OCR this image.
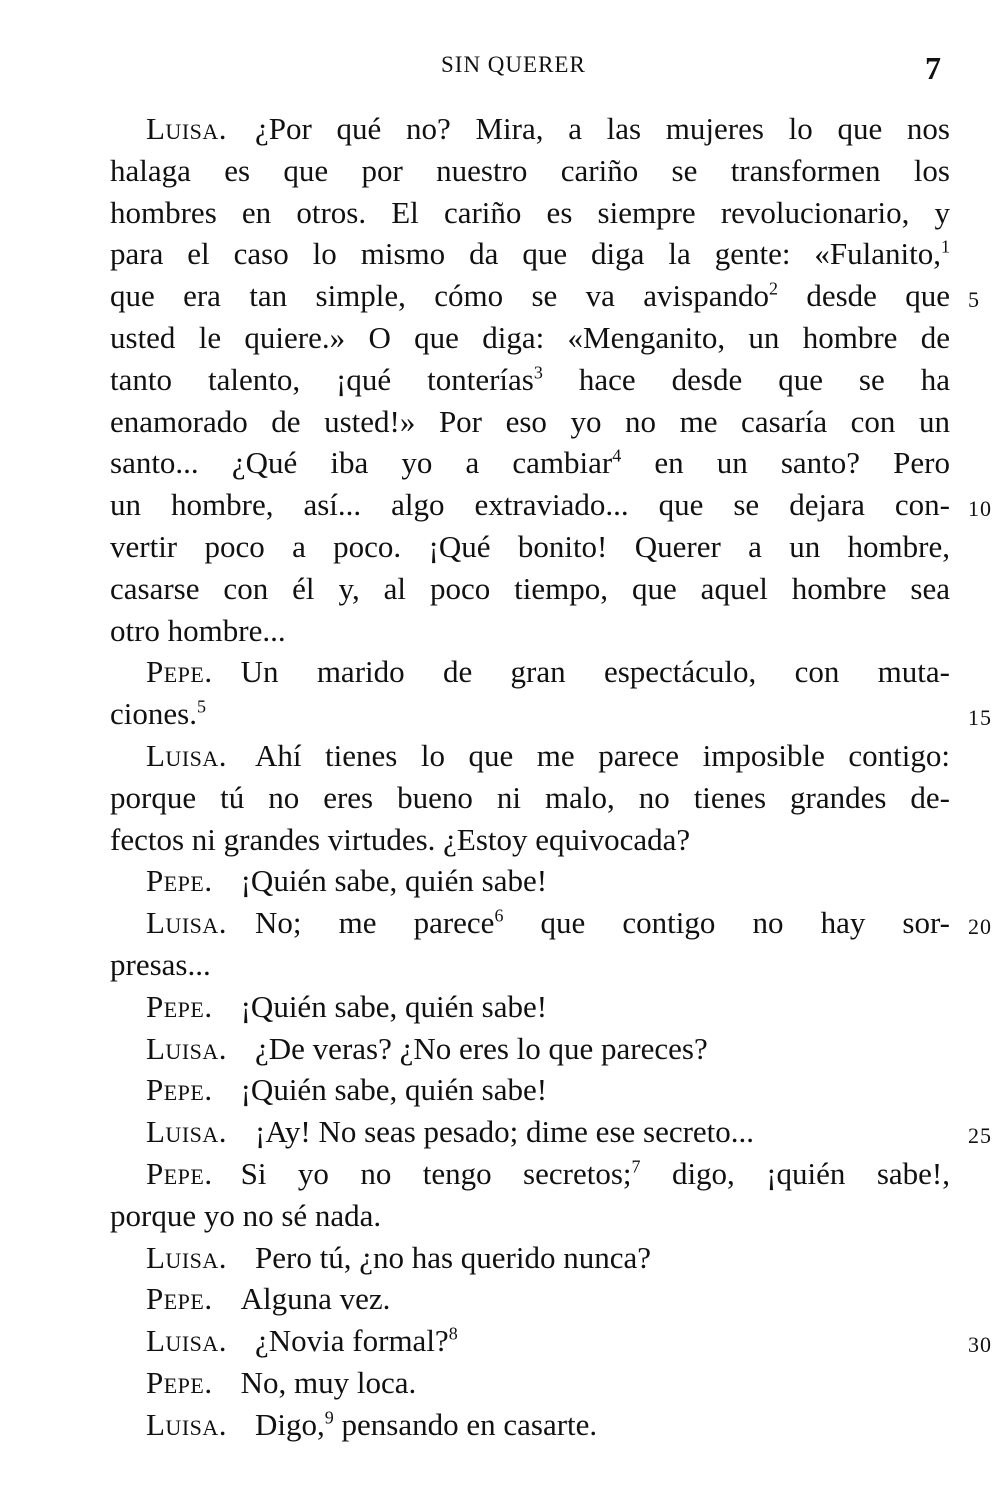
SIN QUERER	7
Luisa. ¿Por qué no? Mira, a las mujeres lo que nos
halaga es que por nuestro cariño se transformen los
hombres en otros. El cariño es siempre revolucionario, y
para el caso lo mismo da que diga la gente: «Fulanito,$^1$
que era tan simple, cómo se va avispando$^2$ desde que 5
usted le quiere.» O que diga: «Menganito, un hombre de
tanto talento, ¡qué tonterías$^3$ hace desde que se ha
enamorado de usted!» Por eso yo no me casaría con un
santo... ¿Qué iba yo a cambiar$^4$ en un santo? Pero
un hombre, así... algo extraviado... que se dejara con- 10
vertir poco a poco. ¡Qué bonito! Querer a un hombre,
casarse con él y, al poco tiempo, que aquel hombre sea
otro hombre...
Pepe. Un marido de gran espectáculo, con muta-
ciones.$^5$	15
Luisa. Ahí tienes lo que me parece imposible contigo:
porque tú no eres bueno ni malo, no tienes grandes de-
fectos ni grandes virtudes. ¿Estoy equivocada?
Pepe. ¡Quién sabe, quién sabe!
Luisa. No; me parece$^6$ que contigo no hay sor- 20
presas...
Pepe. ¡Quién sabe, quién sabe!
Luisa. ¿De veras? ¿No eres lo que pareces?
Pepe. ¡Quién sabe, quién sabe!
Luisa. ¡Ay! No seas pesado; dime ese secreto...	25
Pepe. Si yo no tengo secretos;$^7$ digo, ¡quién sabe!,
porque yo no sé nada.
Luisa. Pero tú, ¿no has querido nunca?
Pepe. Alguna vez.
Luisa. ¿Novia formal?$^8$	30
Pepe. No, muy loca.
Luisa. Digo,$^9$ pensando en casarte.
